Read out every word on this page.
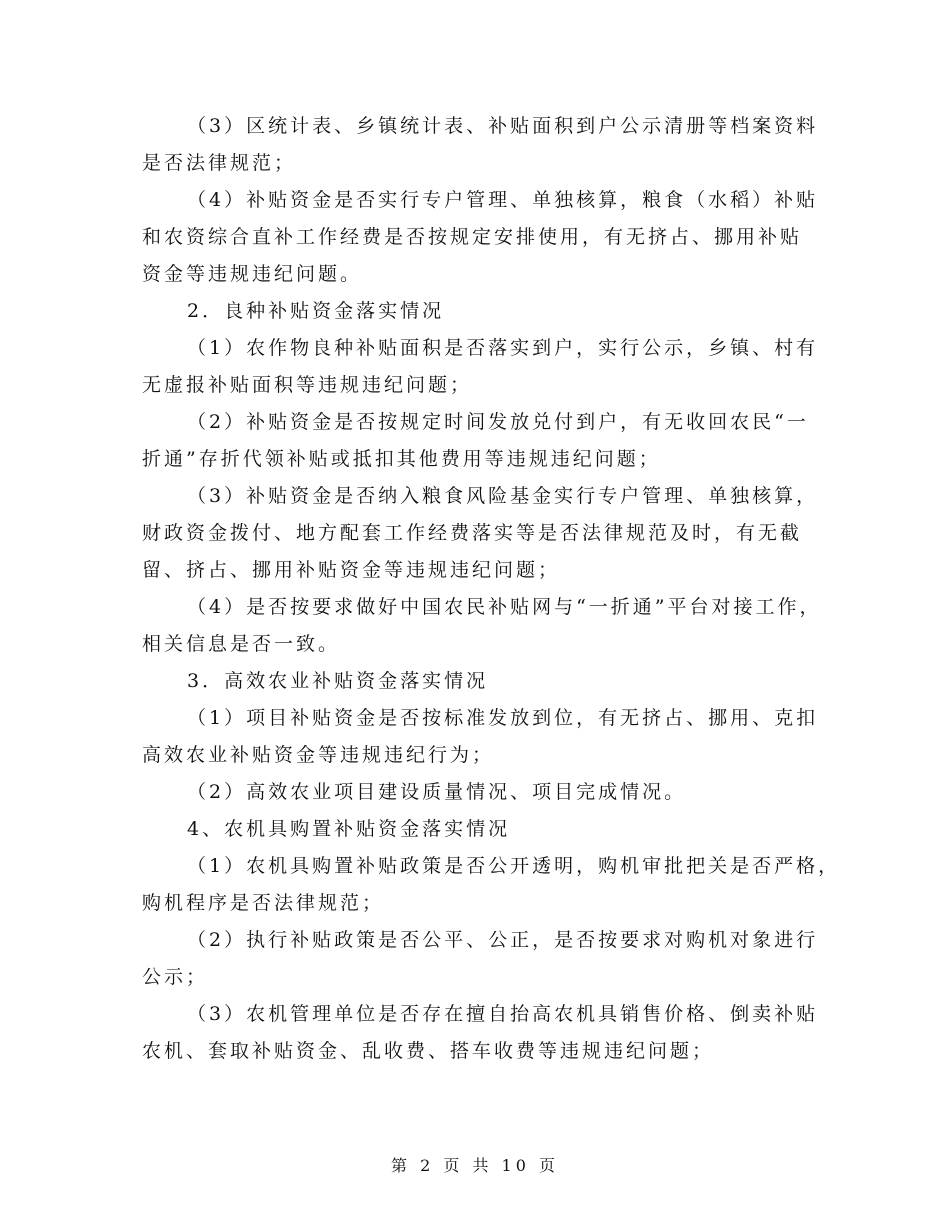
（3）区统计表、乡镇统计表、补贴面积到户公示清册等档案资料
是否法律规范；
（4）补贴资金是否实行专户管理、单独核算，粮食（水稻）补贴
和农资综合直补工作经费是否按规定安排使用，有无挤占、挪用补贴
资金等违规违纪问题。
2．良种补贴资金落实情况
（1）农作物良种补贴面积是否落实到户，实行公示，乡镇、村有
无虚报补贴面积等违规违纪问题；
（2）补贴资金是否按规定时间发放兑付到户，有无收回农民“一
折通”存折代领补贴或抵扣其他费用等违规违纪问题；
（3）补贴资金是否纳入粮食风险基金实行专户管理、单独核算，
财政资金拨付、地方配套工作经费落实等是否法律规范及时，有无截
留、挤占、挪用补贴资金等违规违纪问题；
（4）是否按要求做好中国农民补贴网与“一折通”平台对接工作，
相关信息是否一致。
3．高效农业补贴资金落实情况
（1）项目补贴资金是否按标准发放到位，有无挤占、挪用、克扣
高效农业补贴资金等违规违纪行为；
（2）高效农业项目建设质量情况、项目完成情况。
4、农机具购置补贴资金落实情况
（1）农机具购置补贴政策是否公开透明，购机审批把关是否严格，
购机程序是否法律规范；
（2）执行补贴政策是否公平、公正，是否按要求对购机对象进行
公示；
（3）农机管理单位是否存在擅自抬高农机具销售价格、倒卖补贴
农机、套取补贴资金、乱收费、搭车收费等违规违纪问题；
第 2 页 共 10 页
